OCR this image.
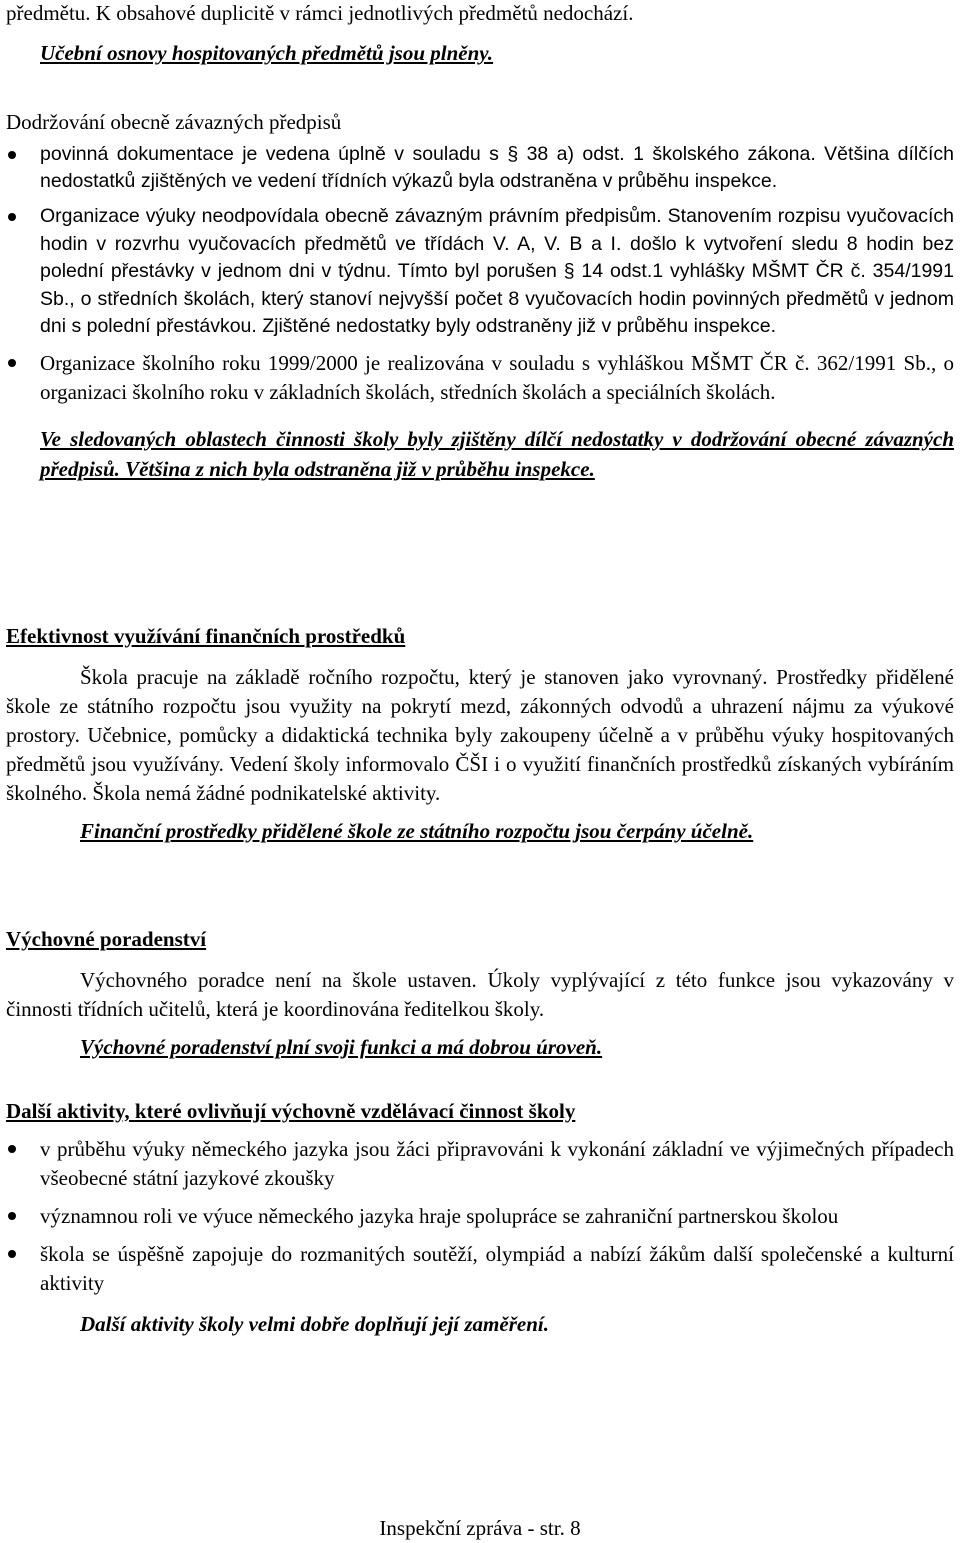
předmětu. K obsahové duplicitě v rámci jednotlivých předmětů nedochází.

Učební osnovy hospitovaných předmětů jsou plněny.

Dodržování obecně závazných předpisů

povinná dokumentace je vedena úplně v souladu s § 38 a) odst. 1 školského zákona. Většina dílčích nedostatků zjištěných ve vedení třídních výkazů byla odstraněna v průběhu inspekce.
Organizace výuky neodpovídala obecně závazným právním předpisům. Stanovením rozpisu vyučovacích hodin v rozvrhu vyučovacích předmětů ve třídách V. A, V. B a I. došlo k vytvoření sledu 8 hodin bez polední přestávky v jednom dni v týdnu. Tímto byl porušen § 14 odst.1 vyhlášky MŠMT ČR č. 354/1991 Sb., o středních školách, který stanoví nejvyšší počet 8 vyučovacích hodin povinných předmětů v jednom dni s polední přestávkou. Zjištěné nedostatky byly odstraněny již v průběhu inspekce.
Organizace školního roku 1999/2000 je realizována v souladu s vyhláškou MŠMT ČR č. 362/1991 Sb., o organizaci školního roku v základních školách, středních školách a speciálních školách.

Ve sledovaných oblastech činnosti školy byly zjištěny dílčí nedostatky v dodržování obecné závazných předpisů. Většina z nich byla odstraněna již v průběhu inspekce.

Efektivnost využívání finančních prostředků

Škola pracuje na základě ročního rozpočtu, který je stanoven jako vyrovnaný. Prostředky přidělené škole ze státního rozpočtu jsou využity na pokrytí mezd, zákonných odvodů a uhrazení nájmu za výukové prostory. Učebnice, pomůcky a didaktická technika byly zakoupeny účelně a v průběhu výuky hospitovaných předmětů jsou využívány. Vedení školy informovalo ČŠI i o využití finančních prostředků získaných vybíráním školného. Škola nemá žádné podnikatelské aktivity.

Finanční prostředky přidělené škole ze státního rozpočtu jsou čerpány účelně.

Výchovné poradenství

Výchovného poradce není na škole ustaven. Úkoly vyplývající z této funkce jsou vykazovány v činnosti třídních učitelů, která je koordinována ředitelkou školy.

Výchovné poradenství plní svoji funkci a má dobrou úroveň.

Další aktivity, které ovlivňují výchovně vzdělávací činnost školy
v průběhu výuky německého jazyka jsou žáci připravováni k vykonání základní ve výjimečných případech všeobecné státní jazykové zkoušky
významnou roli ve výuce německého jazyka hraje spolupráce se zahraniční partnerskou školou
škola se úspěšně zapojuje do rozmanitých soutěží, olympiád a nabízí žákům další společenské a kulturní aktivity

Další aktivity školy velmi dobře doplňují její zaměření.

Inspekční zpráva - str. 8
